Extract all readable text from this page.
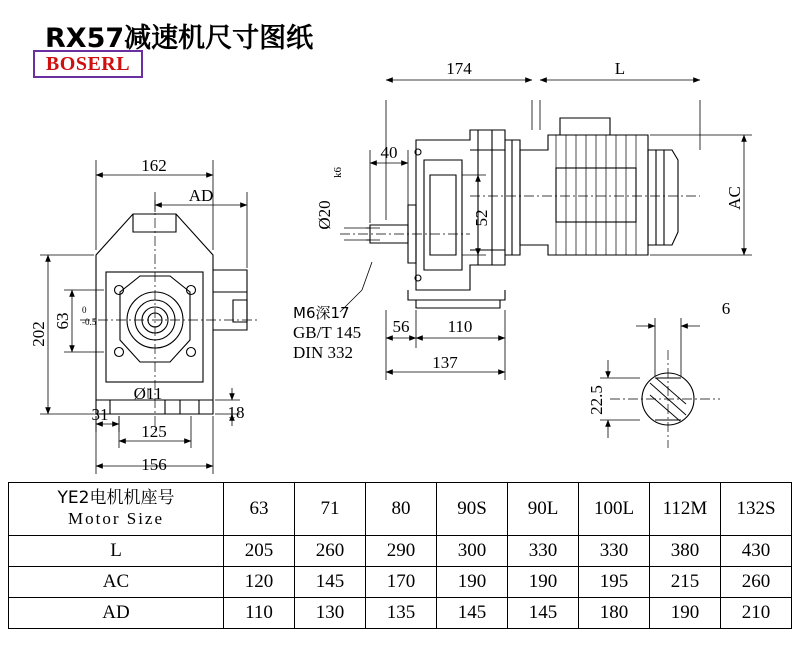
RX57减速机尺寸图纸
BOSERL
162
AD
202
63
0
-0.5
31
125
156
18
Ø11
174	L
40
Ø20
k6
52
AC
56 110
137
M6深17
GB/T 145
DIN 332
6
22.5
YE2电机机座号
Motor Size	63	71	80	90S	90L	100L	112M	132S
L	205	260	290	300	330	330	380	430
AC	120	145	170	190	190	195	215	260
AD	110	130	135	145	145	180	190	210
